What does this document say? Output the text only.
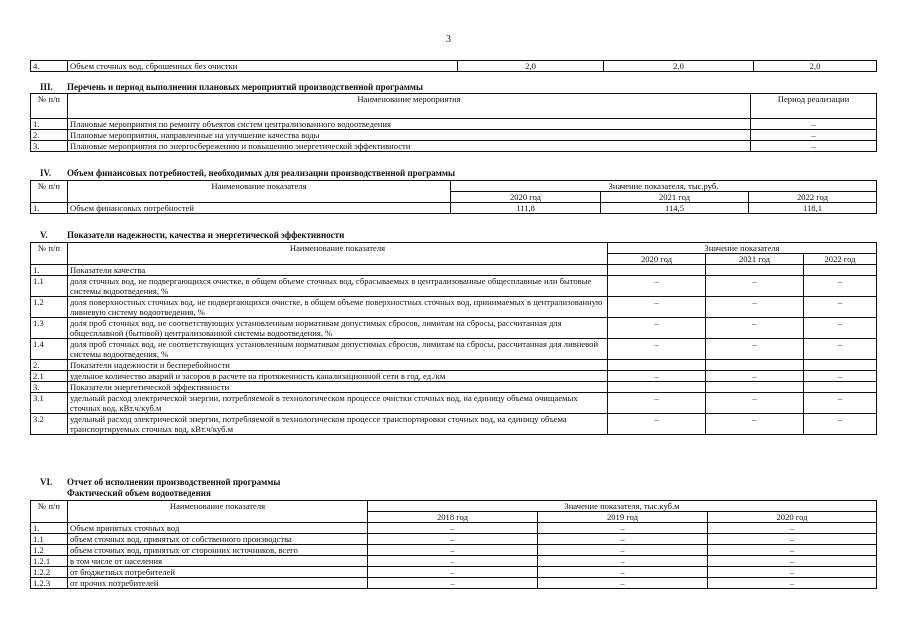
3
4.	Объем сточных вод, сброшенных без очистки	2,0	2,0	2,0
III. Перечень и период выполнения плановых мероприятий производственной программы
№ п/п	Наименование мероприятия	Период реализации
1.	Плановые мероприятия по ремонту объектов систем централизованного водоотведения	–
2.	Плановые мероприятия, направленные на улучшение качества воды	–
3.	Плановые мероприятия по энергосбережению и повышению энергетической эффективности	–
IV. Объем финансовых потребностей, необходимых для реализации производственной программы
№ п/п	Наименование показателя	Значение показателя, тыс.руб.		
		2020 год	2021 год	2022 год
1.	Объем финансовых потребностей	111,8	114,5	118,1
V. Показатели надежности, качества и энергетической эффективности
№ п/п	Наименование показателя	Значение показателя		
		2020 год	2021 год	2022 год
1.	Показатели качества			
1.1	доля сточных вод, не подвергающихся очистке, в общем объеме сточных вод, сбрасываемых в централизованные общесплавные или бытовые системы водоотведения, %	–	–	–
1.2	доля поверхностных сточных вод, не подвергающихся очистке, в общем объеме поверхностных сточных вод, принимаемых в централизованную ливневую систему водоотведения, %	–	–	–
1.3	доля проб сточных вод, не соответствующих установленным нормативам допустимых сбросов, лимитам на сбросы, рассчитанная для общесплавной (бытовой) централизованной системы водоотведения, %	–	–	–
1.4	доля проб сточных вод, не соответствующих установленным нормативам допустимых сбросов, лимитам на сбросы, рассчитанная для ливневой системы водоотведения, %	–	–	–
2.	Показатели надежности и бесперебойности			
2.1	удельное количество аварий и засоров в расчете на протяженность канализационной сети в год, ед./км	–	–	–
3.	Показатели энергетической эффективности			
3.1	удельный расход электрической энергии, потребляемой в технологическом процессе очистки сточных вод, на единицу объема очищаемых сточных вод, кВт.ч/куб.м	–	–	–
3.2	удельный расход электрической энергии, потребляемой в технологическом процессе транспортировки сточных вод, на единицу объема транспортируемых сточных вод, кВт.ч/куб.м	–	–	–
VI. Отчет об исполнении производственной программы
Фактический объем водоотведения
№ п/п	Наименование показателя	Значение показателя, тыс.куб.м		
		2018 год	2019 год	2020 год
1.	Объем принятых сточных вод	–	–	–
1.1	объем сточных вод, принятых от собственного производства	–	–	–
1.2	объем сточных вод, принятых от сторонних источников, всего	–	–	–
1.2.1	в том числе от населения	–	–	–
1.2.2	от бюджетных потребителей	–	–	–
1.2.3	от прочих потребителей	–	–	–
